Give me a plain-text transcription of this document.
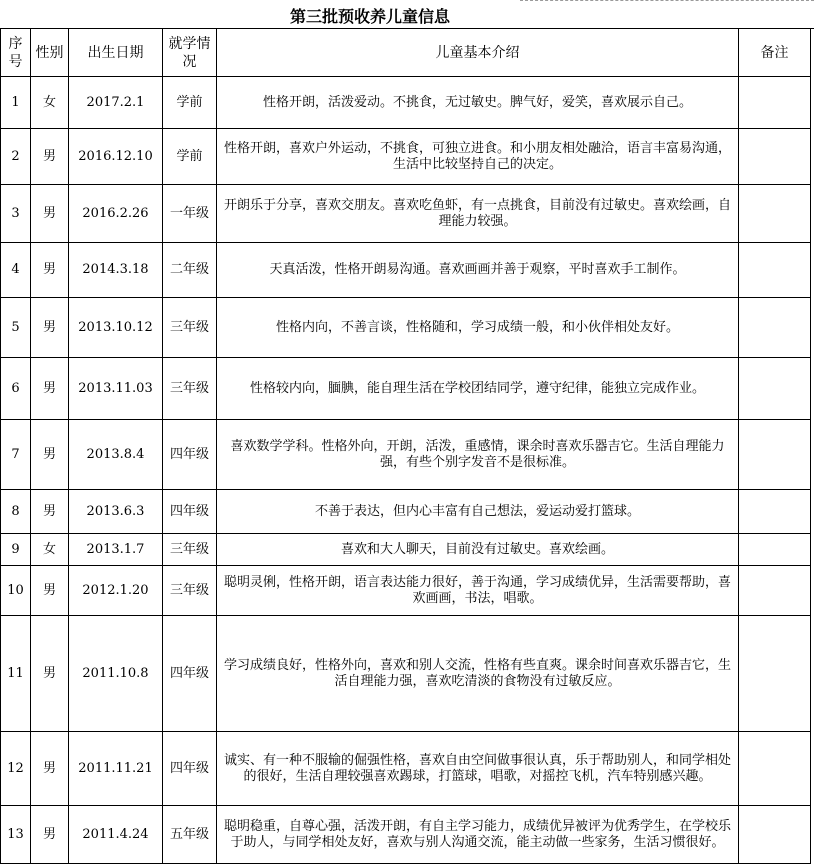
第三批预收养儿童信息
序号	性别	出生日期	就学情况	儿童基本介绍	备注
1	女	2017.2.1	学前	性格开朗，活泼爱动。不挑食，无过敏史。脾气好，爱笑，喜欢展示自己。	
2	男	2016.12.10	学前	性格开朗，喜欢户外运动，不挑食，可独立进食。和小朋友相处融洽，语言丰富易沟通，生活中比较坚持自己的决定。	
3	男	2016.2.26	一年级	开朗乐于分享，喜欢交朋友。喜欢吃鱼虾，有一点挑食，目前没有过敏史。喜欢绘画，自理能力较强。	
4	男	2014.3.18	二年级	天真活泼，性格开朗易沟通。喜欢画画并善于观察，平时喜欢手工制作。	
5	男	2013.10.12	三年级	性格内向，不善言谈，性格随和，学习成绩一般，和小伙伴相处友好。	
6	男	2013.11.03	三年级	性格较内向，腼腆，能自理生活在学校团结同学，遵守纪律，能独立完成作业。	
7	男	2013.8.4	四年级	喜欢数学学科。性格外向，开朗，活泼，重感情，课余时喜欢乐器吉它。生活自理能力强，有些个别字发音不是很标准。	
8	男	2013.6.3	四年级	不善于表达，但内心丰富有自己想法，爱运动爱打篮球。	
9	女	2013.1.7	三年级	喜欢和大人聊天，目前没有过敏史。喜欢绘画。	
10	男	2012.1.20	三年级	聪明灵俐，性格开朗，语言表达能力很好，善于沟通，学习成绩优异，生活需要帮助，喜欢画画，书法，唱歌。	
11	男	2011.10.8	四年级	学习成绩良好，性格外向，喜欢和别人交流，性格有些直爽。课余时间喜欢乐器吉它，生活自理能力强，喜欢吃清淡的食物没有过敏反应。	
12	男	2011.11.21	四年级	诚实、有一种不服输的倔强性格，喜欢自由空间做事很认真，乐于帮助别人，和同学相处的很好，生活自理较强喜欢踢球，打篮球，唱歌，对摇控飞机，汽车特别感兴趣。	
13	男	2011.4.24	五年级	聪明稳重，自尊心强，活泼开朗，有自主学习能力，成绩优异被评为优秀学生，在学校乐于助人，与同学相处友好，喜欢与别人沟通交流，能主动做一些家务，生活习惯很好。	
